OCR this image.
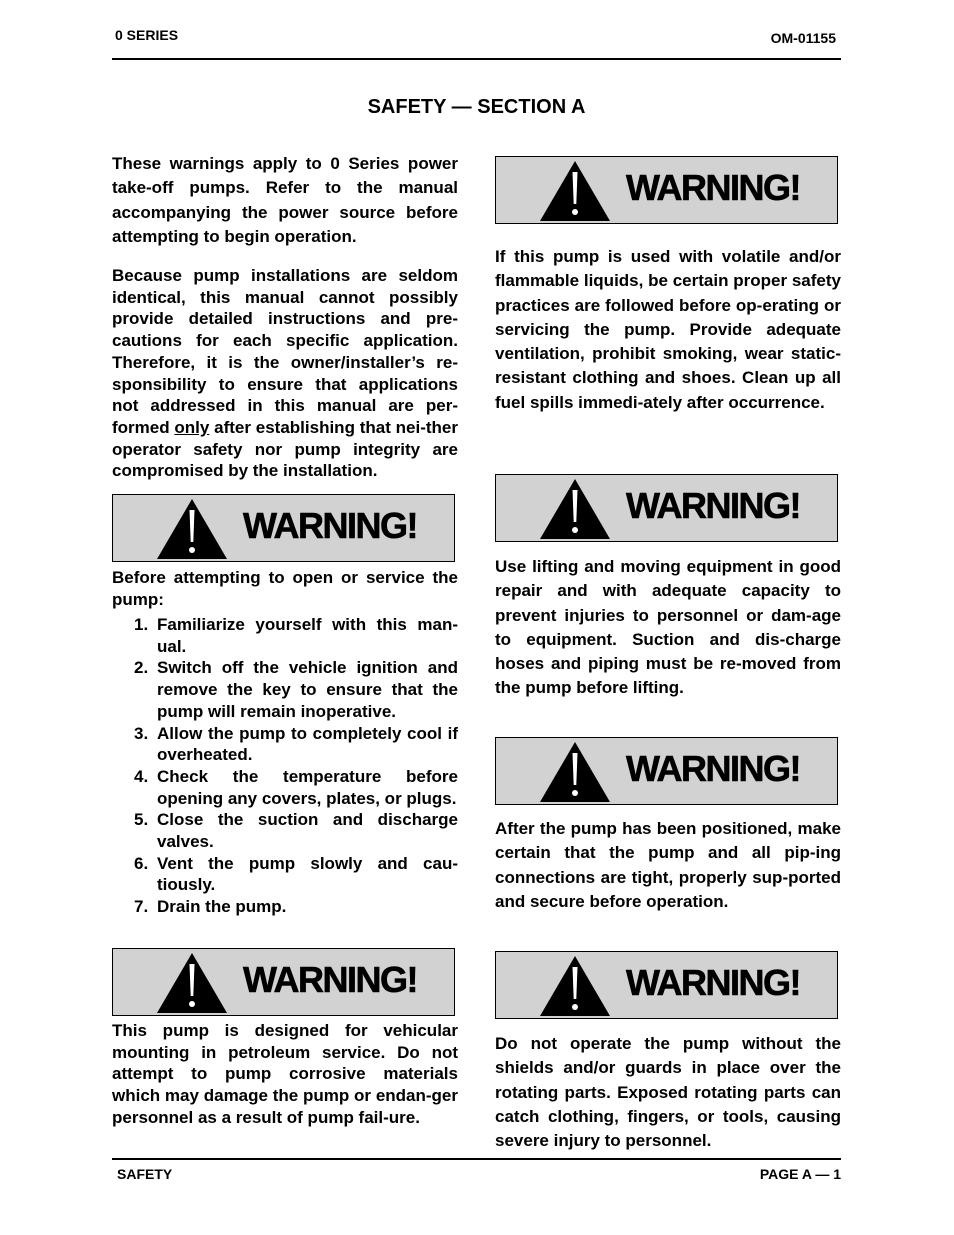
0 SERIES	OM-01155
SAFETY — SECTION A

These warnings apply to 0 Series power take-off pumps. Refer to the manual accompanying the power source before attempting to begin operation.

Because pump installations are seldom identical, this manual cannot possibly provide detailed instructions and pre-cautions for each specific application. Therefore, it is the owner/installer’s re-sponsibility to ensure that applications not addressed in this manual are per-formed only after establishing that nei-ther operator safety nor pump integrity are compromised by the installation.

WARNING!

Before attempting to open or service the pump:

1. Familiarize yourself with this man-ual.
2. Switch off the vehicle ignition and remove the key to ensure that the pump will remain inoperative.
3. Allow the pump to completely cool if overheated.
4. Check the temperature before opening any covers, plates, or plugs.
5. Close the suction and discharge valves.
6. Vent the pump slowly and cau-tiously.
7. Drain the pump.
WARNING!

This pump is designed for vehicular mounting in petroleum service. Do not attempt to pump corrosive materials which may damage the pump or endan-ger personnel as a result of pump fail-ure.

WARNING!

If this pump is used with volatile and/or flammable liquids, be certain proper safety practices are followed before op-erating or servicing the pump. Provide adequate ventilation, prohibit smoking, wear static-resistant clothing and shoes. Clean up all fuel spills immedi-ately after occurrence.

WARNING!

Use lifting and moving equipment in good repair and with adequate capacity to prevent injuries to personnel or dam-age to equipment. Suction and dis-charge hoses and piping must be re-moved from the pump before lifting.

WARNING!

After the pump has been positioned, make certain that the pump and all pip-ing connections are tight, properly sup-ported and secure before operation.

WARNING!

Do not operate the pump without the shields and/or guards in place over the rotating parts. Exposed rotating parts can catch clothing, fingers, or tools, causing severe injury to personnel.

SAFETY	PAGE A — 1
